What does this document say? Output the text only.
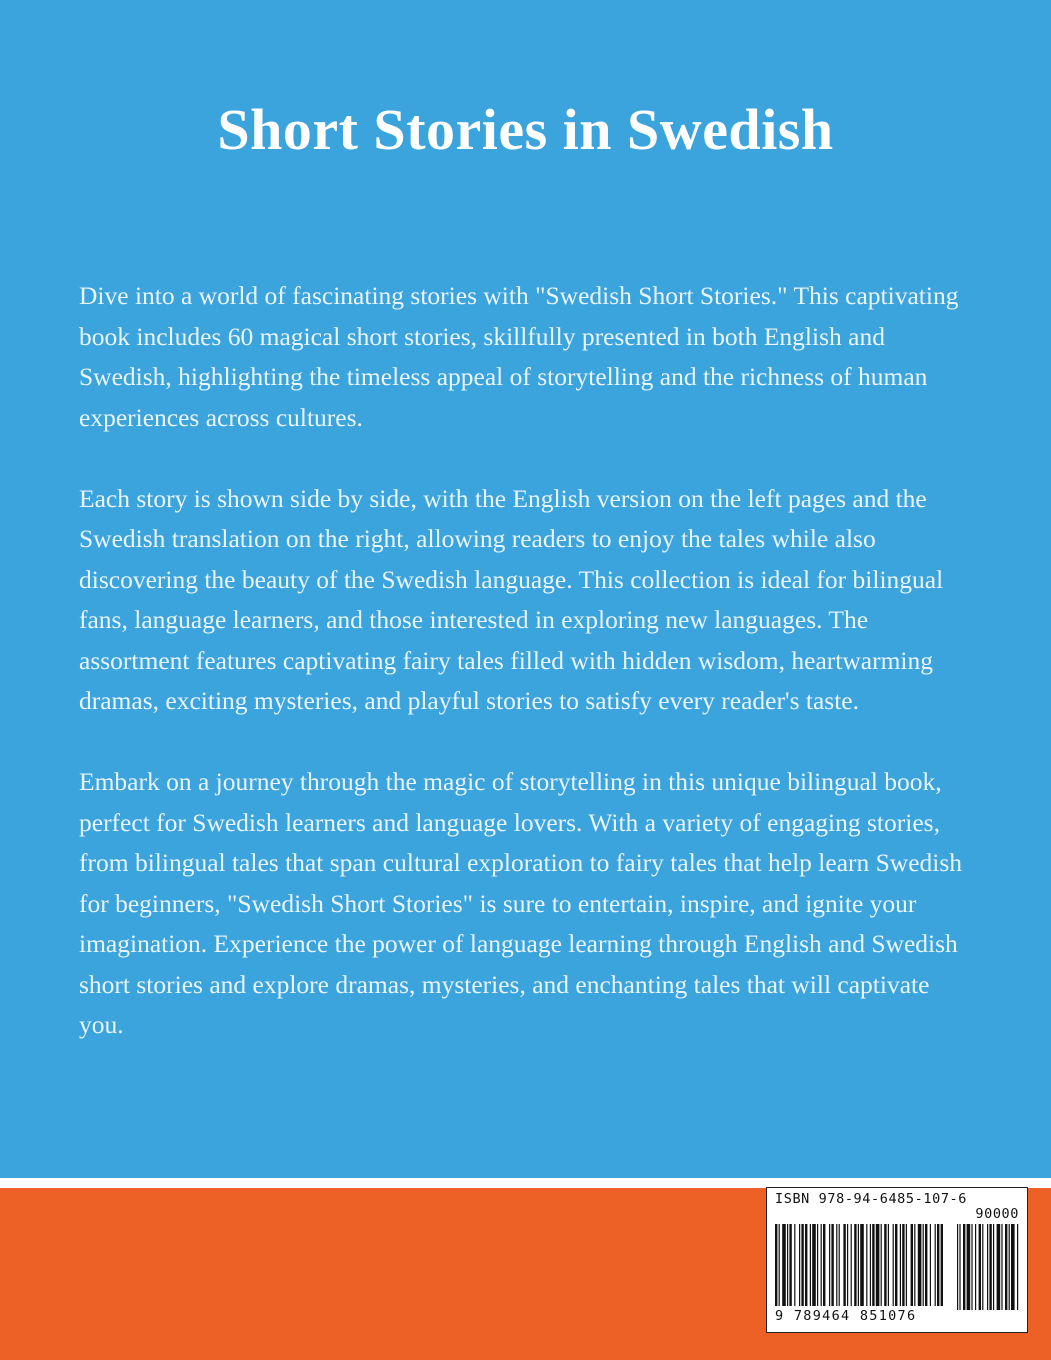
Short Stories in Swedish

Dive into a world of fascinating stories with "Swedish Short Stories." This captivating book includes 60 magical short stories, skillfully presented in both English and Swedish, highlighting the timeless appeal of storytelling and the richness of human experiences across cultures.

Each story is shown side by side, with the English version on the left pages and the Swedish translation on the right, allowing readers to enjoy the tales while also discovering the beauty of the Swedish language. This collection is ideal for bilingual fans, language learners, and those interested in exploring new languages. The assortment features captivating fairy tales filled with hidden wisdom, heartwarming dramas, exciting mysteries, and playful stories to satisfy every reader's taste.

Embark on a journey through the magic of storytelling in this unique bilingual book, perfect for Swedish learners and language lovers. With a variety of engaging stories, from bilingual tales that span cultural exploration to fairy tales that help learn Swedish for beginners, "Swedish Short Stories" is sure to entertain, inspire, and ignite your imagination. Experience the power of language learning through English and Swedish short stories and explore dramas, mysteries, and enchanting tales that will captivate you.

ISBN 978-94-6485-107-6
90000
9 789464 851076
